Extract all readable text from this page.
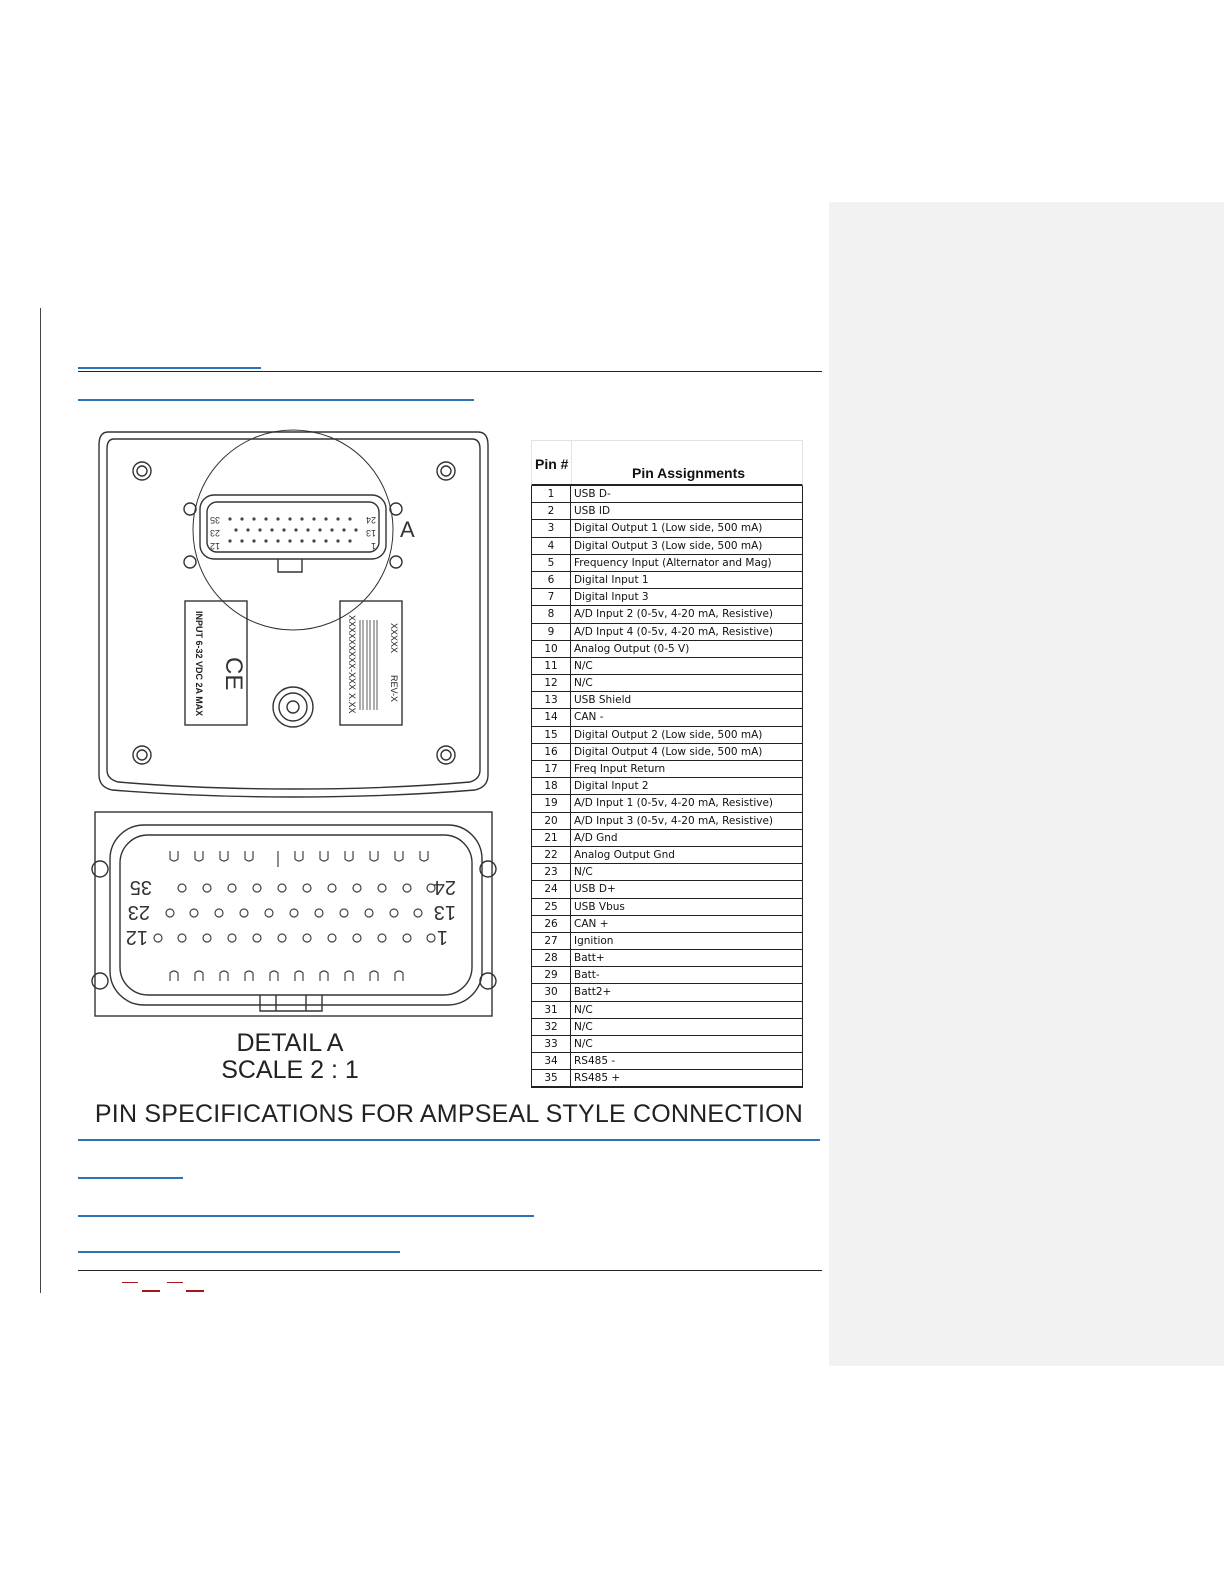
A
35	24
23	13
12	1
35	24
23	13
12	1
INPUT 6-32 VDC 2A MAX CE
XXXXX
REV-X
XXXXXXXXX-XXX
X.XX
DETAIL A
SCALE 2 : 1
Pin #
Pin Assignments
1	USB D-
2	USB ID
3	Digital Output 1 (Low side, 500 mA)
4	Digital Output 3 (Low side, 500 mA)
5	Frequency Input (Alternator and Mag)
6	Digital Input 1
7	Digital Input 3
8	A/D Input 2 (0-5v, 4-20 mA, Resistive)
9	A/D Input 4 (0-5v, 4-20 mA, Resistive)
10	Analog Output (0-5 V)
11	N/C
12	N/C
13	USB Shield
14	CAN -
15	Digital Output 2 (Low side, 500 mA)
16	Digital Output 4 (Low side, 500 mA)
17	Freq Input Return
18	Digital Input 2
19	A/D Input 1 (0-5v, 4-20 mA, Resistive)
20	A/D Input 3 (0-5v, 4-20 mA, Resistive)
21	A/D Gnd
22	Analog Output Gnd
23	N/C
24	USB D+
25	USB Vbus
26	CAN +
27	Ignition
28	Batt+
29	Batt-
30	Batt2+
31	N/C
32	N/C
33	N/C
34	RS485 -
35	RS485 +
PIN SPECIFICATIONS FOR AMPSEAL STYLE CONNECTION
